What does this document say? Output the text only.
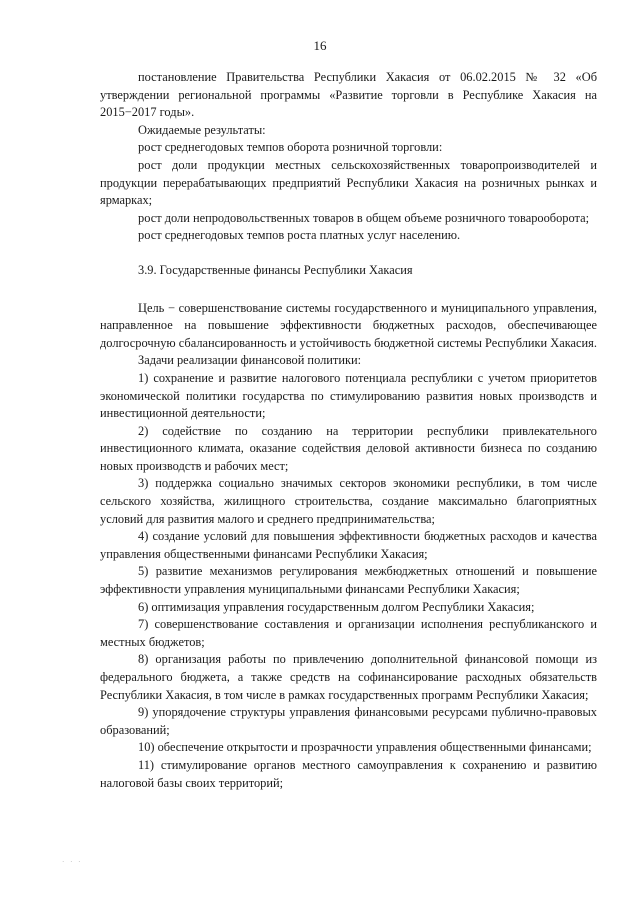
16

постановление Правительства Республики Хакасия от 06.02.2015 № 32 «Об утверждении региональной программы «Развитие торговли в Республике Хакасия на 2015−2017 годы».

Ожидаемые результаты:

рост среднегодовых темпов оборота розничной торговли:

рост доли продукции местных сельскохозяйственных товаропроизводителей и продукции перерабатывающих предприятий Республики Хакасия на розничных рынках и ярмарках;

рост доли непродовольственных товаров в общем объеме розничного товарооборота;

рост среднегодовых темпов роста платных услуг населению.

3.9. Государственные финансы Республики Хакасия

Цель − совершенствование системы государственного и муниципального управления, направленное на повышение эффективности бюджетных расходов, обеспечивающее долгосрочную сбалансированность и устойчивость бюджетной системы Республики Хакасия.

Задачи реализации финансовой политики:

1) сохранение и развитие налогового потенциала республики с учетом приоритетов экономической политики государства по стимулированию развития новых производств и инвестиционной деятельности;

2) содействие по созданию на территории республики привлекательного инвестиционного климата, оказание содействия деловой активности бизнеса по созданию новых производств и рабочих мест;

3) поддержка социально значимых секторов экономики республики, в том числе сельского хозяйства, жилищного строительства, создание максимально благоприятных условий для развития малого и среднего предпринимательства;

4) создание условий для повышения эффективности бюджетных расходов и качества управления общественными финансами Республики Хакасия;

5) развитие механизмов регулирования межбюджетных отношений и повышение эффективности управления муниципальными финансами Республики Хакасия;

6) оптимизация управления государственным долгом Республики Хакасия;

7) совершенствование составления и организации исполнения республиканского и местных бюджетов;

8) организация работы по привлечению дополнительной финансовой помощи из федерального бюджета, а также средств на софинансирование расходных обязательств Республики Хакасия, в том числе в рамках государственных программ Республики Хакасия;

9) упорядочение структуры управления финансовыми ресурсами публично-правовых образований;

10) обеспечение открытости и прозрачности управления общественными финансами;

11) стимулирование органов местного самоуправления к сохранению и развитию налоговой базы своих территорий;

· · ·
